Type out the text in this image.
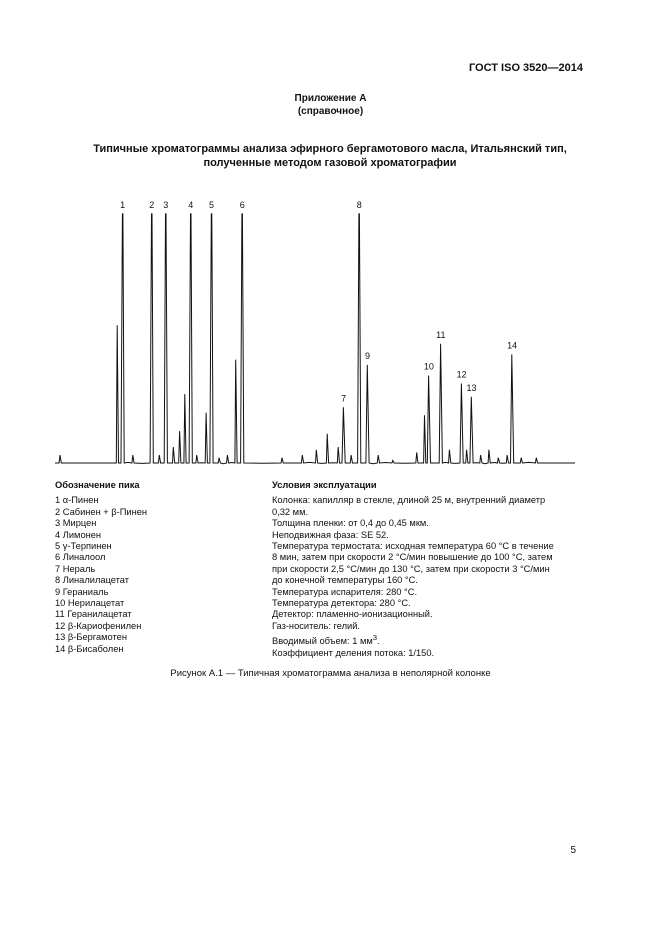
ГОСТ ISO 3520—2014
Приложение А
(справочное)
Типичные хроматограммы анализа эфирного бергамотового масла, Итальянский тип,
полученные методом газовой хроматографии
1	2 3 4 5	6
7
8
9
10
11
12
13
14
Обозначение пика
1 α-Пинен
2 Сабинен + β-Пинен
3 Мирцен
4 Лимонен
5 γ-Терпинен
6 Линалоол
7 Нераль
8 Линалилацетат
9 Гераниаль
10 Нерилацетат
11 Геранилацетат
12 β-Кариофенилен
13 β-Бергамотен
14 β-Бисаболен
Условия эксплуатации
Колонка: капилляр в стекле, длиной 25 м, внутренний диаметр
0,32 мм.
Толщина пленки: от 0,4 до 0,45 мкм.
Неподвижная фаза: SE 52.
Температура термостата: исходная температура 60 °С в течение
8 мин, затем при скорости 2 °С/мин повышение до 100 °С, затем
при скорости 2,5 °С/мин до 130 °С, затем при скорости 3 °С/мин
до конечной температуры 160 °С.
Температура испарителя: 280 °С.
Температура детектора: 280 °С.
Детектор: пламенно-ионизационный.
Газ-носитель: гелий.
Вводимый объем: 1 $мм^3$.
Коэффициент деления потока: 1/150.
Рисунок А.1 — Типичная хроматограмма анализа в неполярной колонке
5
